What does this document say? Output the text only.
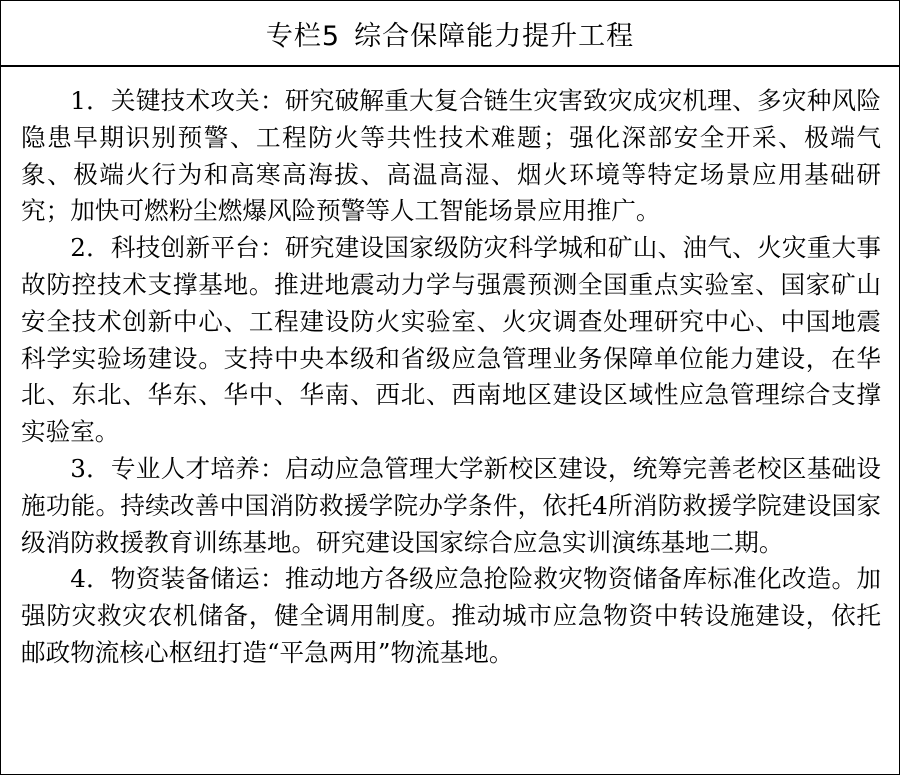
专栏5 综合保障能力提升工程

1．关键技术攻关：研究破解重大复合链生灾害致灾成灾机理、多灾种风险隐患早期识别预警、工程防火等共性技术难题；强化深部安全开采、极端气象、极端火行为和高寒高海拔、高温高湿、烟火环境等特定场景应用基础研究；加快可燃粉尘燃爆风险预警等人工智能场景应用推广。

2．科技创新平台：研究建设国家级防灾科学城和矿山、油气、火灾重大事故防控技术支撑基地。推进地震动力学与强震预测全国重点实验室、国家矿山安全技术创新中心、工程建设防火实验室、火灾调查处理研究中心、中国地震科学实验场建设。支持中央本级和省级应急管理业务保障单位能力建设，在华北、东北、华东、华中、华南、西北、西南地区建设区域性应急管理综合支撑实验室。

3．专业人才培养：启动应急管理大学新校区建设，统筹完善老校区基础设施功能。持续改善中国消防救援学院办学条件，依托4所消防救援学院建设国家级消防救援教育训练基地。研究建设国家综合应急实训演练基地二期。

4．物资装备储运：推动地方各级应急抢险救灾物资储备库标准化改造。加强防灾救灾农机储备，健全调用制度。推动城市应急物资中转设施建设，依托邮政物流核心枢纽打造“平急两用”物流基地。
